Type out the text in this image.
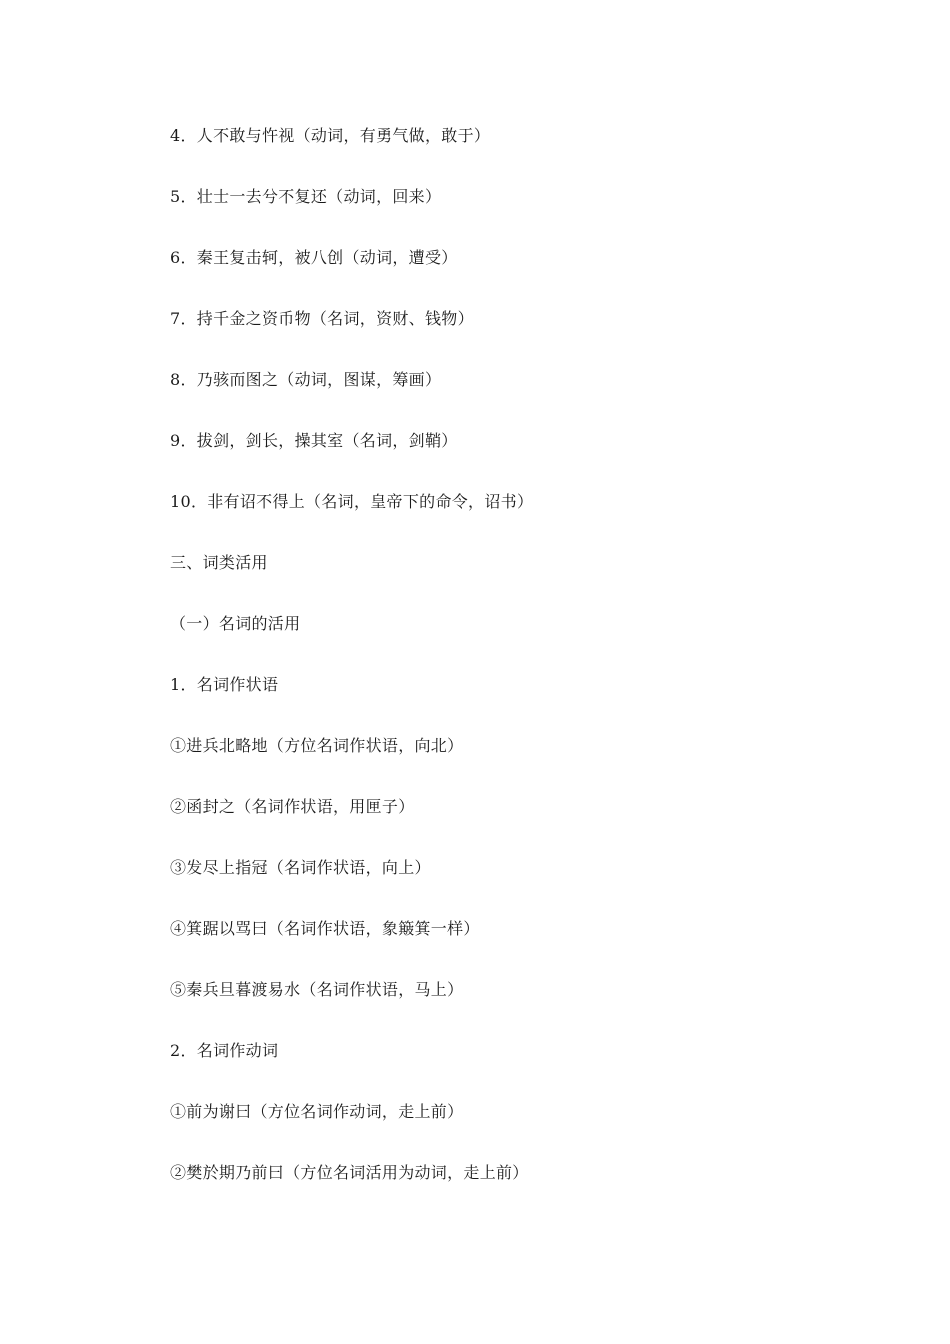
4．人不敢与忤视（动词，有勇气做，敢于）
5．壮士一去兮不复还（动词，回来）
6．秦王复击轲，被八创（动词，遭受）
7．持千金之资币物（名词，资财、钱物）
8．乃骇而图之（动词，图谋，筹画）
9．拔剑，剑长，操其室（名词，剑鞘）
10．非有诏不得上（名词，皇帝下的命令，诏书）
三、词类活用
（一）名词的活用
1．名词作状语
①进兵北略地（方位名词作状语，向北）
②函封之（名词作状语，用匣子）
③发尽上指冠（名词作状语，向上）
④箕踞以骂曰（名词作状语，象簸箕一样）
⑤秦兵旦暮渡易水（名词作状语，马上）
2．名词作动词
①前为谢曰（方位名词作动词，走上前）
②樊於期乃前曰（方位名词活用为动词，走上前）
